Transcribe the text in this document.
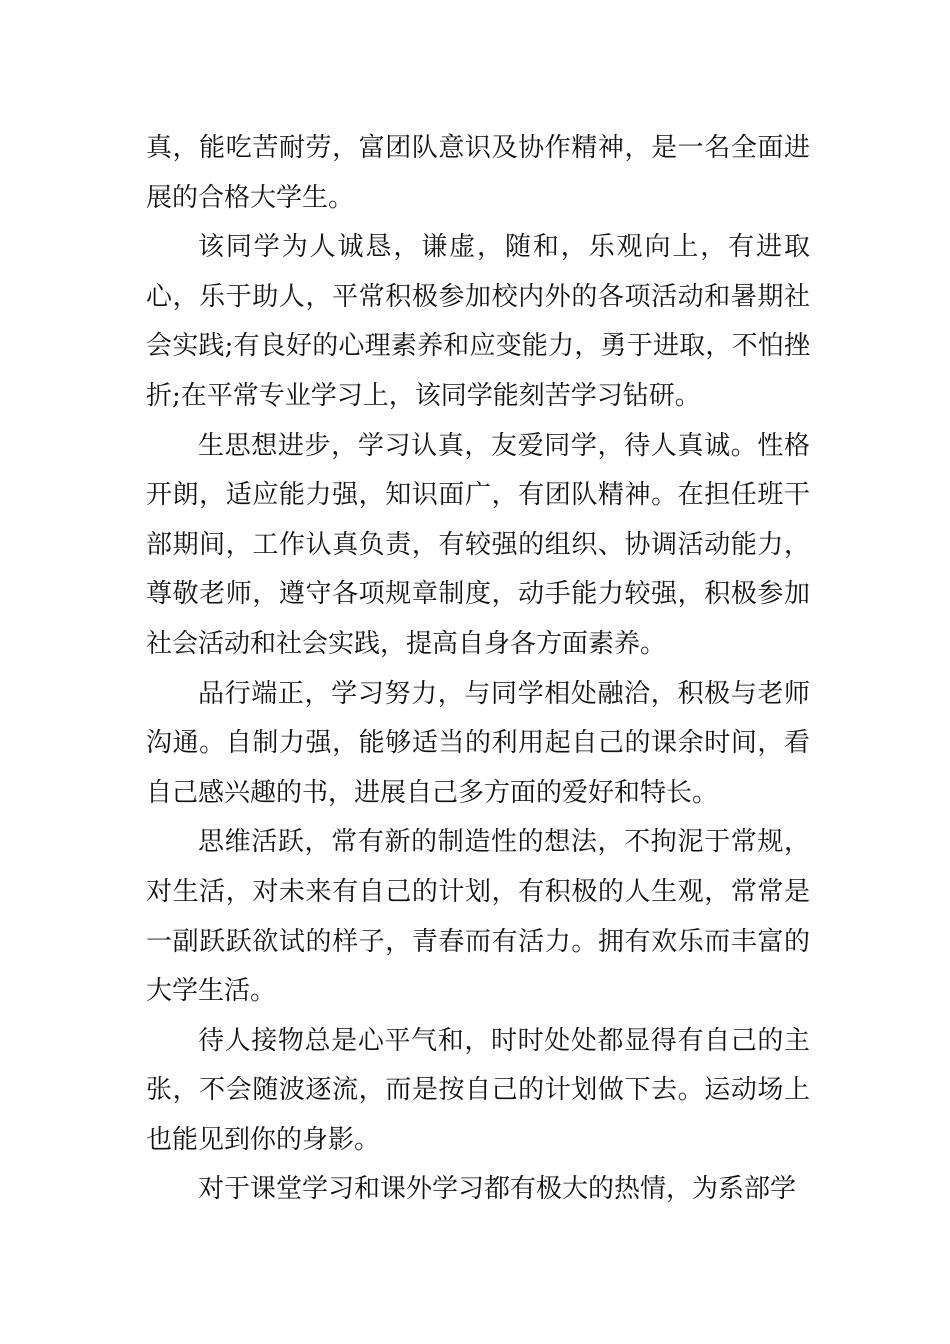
真，能吃苦耐劳，富团队意识及协作精神，是一名全面进展的合格大学生。

该同学为人诚恳，谦虚，随和，乐观向上，有进取心，乐于助人，平常积极参加校内外的各项活动和暑期社会实践;有良好的心理素养和应变能力，勇于进取，不怕挫折;在平常专业学习上，该同学能刻苦学习钻研。

生思想进步，学习认真，友爱同学，待人真诚。性格开朗，适应能力强，知识面广，有团队精神。在担任班干部期间，工作认真负责，有较强的组织、协调活动能力，尊敬老师，遵守各项规章制度，动手能力较强，积极参加社会活动和社会实践，提高自身各方面素养。

品行端正，学习努力，与同学相处融洽，积极与老师沟通。自制力强，能够适当的利用起自己的课余时间，看自己感兴趣的书，进展自己多方面的爱好和特长。

思维活跃，常有新的制造性的想法，不拘泥于常规，对生活，对未来有自己的计划，有积极的人生观，常常是一副跃跃欲试的样子，青春而有活力。拥有欢乐而丰富的大学生活。

待人接物总是心平气和，时时处处都显得有自己的主张，不会随波逐流，而是按自己的计划做下去。运动场上也能见到你的身影。

对于课堂学习和课外学习都有极大的热情，为系部学
